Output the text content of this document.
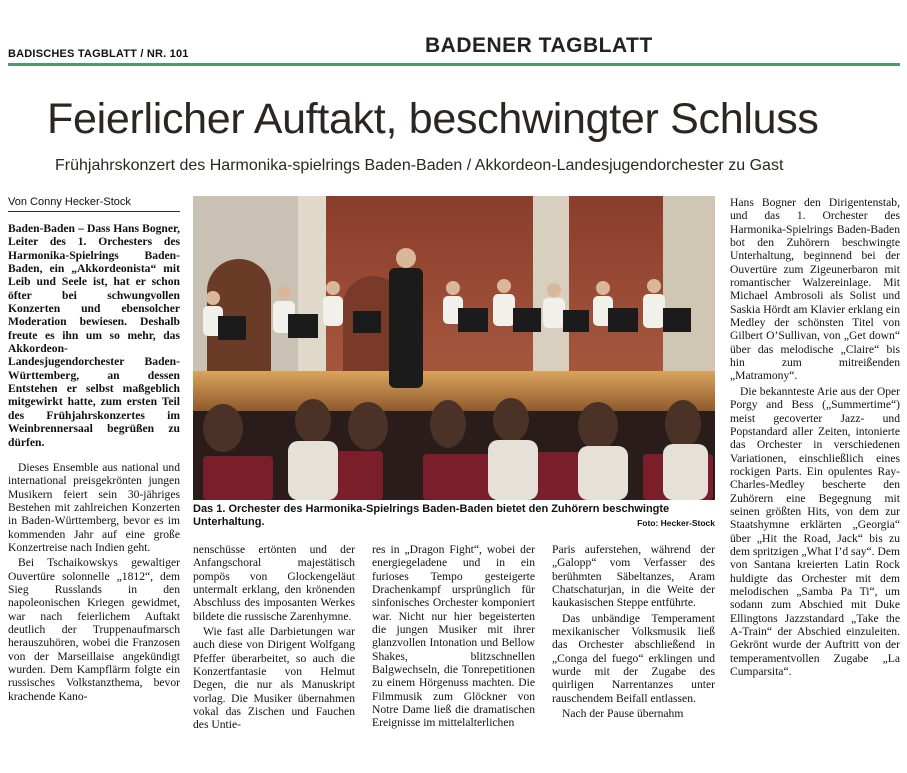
BADISCHES TAGBLATT / NR. 101	BADENER TAGBLATT
Feierlicher Auftakt, beschwingter Schluss
Frühjahrskonzert des Harmonika-spielrings Baden-Baden / Akkordeon-Landesjugendorchester zu Gast
Von Conny Hecker-Stock

Baden-Baden – Dass Hans Bogner, Leiter des 1. Orchesters des Harmonika-Spielrings Baden-Baden, ein „Akkordeonista“ mit Leib und Seele ist, hat er schon öfter bei schwungvollen Konzerten und ebensolcher Moderation bewiesen. Deshalb freute es ihn um so mehr, das Akkordeon-Landesjugendorchester Baden-Württemberg, an dessen Entstehen er selbst maßgeblich mitgewirkt hatte, zum ersten Teil des Frühjahrskonzertes im Weinbrennersaal begrüßen zu dürfen.

Dieses Ensemble aus national und international preisgekrönten jungen Musikern feiert sein 30-jähriges Bestehen mit zahlreichen Konzerten in Baden-Württemberg, bevor es im kommenden Jahr auf eine große Konzertreise nach Indien geht.

Bei Tschaikowskys gewaltiger Ouvertüre solonnelle „1812“, dem Sieg Russlands in den napoleonischen Kriegen gewidmet, war nach feierlichem Auftakt deutlich der Truppenaufmarsch herauszuhören, wobei die Franzosen von der Marseillaise angekündigt wurden. Dem Kampflärm folgte ein russisches Volkstanzthema, bevor krachende Kano-

Das 1. Orchester des Harmonika-Spielrings Baden-Baden bietet den Zuhörern beschwingte Unterhaltung.	Foto: Hecker-Stock

nenschüsse ertönten und der Anfangschoral majestätisch pompös von Glockengeläut untermalt erklang, den krönenden Abschluss des imposanten Werkes bildete die russische Zarenhymne.

Wie fast alle Darbietungen war auch diese von Dirigent Wolfgang Pfeffer überarbeitet, so auch die Konzertfantasie von Helmut Degen, die nur als Manuskript vorlag. Die Musiker übernahmen vokal das Zischen und Fauchen des Untie-

res in „Dragon Fight“, wobei der energiegeladene und in ein furioses Tempo gesteigerte Drachenkampf ursprünglich für sinfonisches Orchester komponiert war. Nicht nur hier begeisterten die jungen Musiker mit ihrer glanzvollen Intonation und Bellow Shakes, blitzschnellen Balgwechseln, die Tonrepetitionen zu einem Hörgenuss machten. Die Filmmusik zum Glöckner von Notre Dame ließ die dramatischen Ereignisse im mittelalterlichen

Paris auferstehen, während der „Galopp“ vom Verfasser des berühmten Säbeltanzes, Aram Chatschaturjan, in die Weite der kaukasischen Steppe entführte.

Das unbändige Temperament mexikanischer Volksmusik ließ das Orchester abschließend in „Conga del fuego“ erklingen und wurde mit der Zugabe des quirligen Narrentanzes unter rauschendem Beifall entlassen.

Nach der Pause übernahm

Hans Bogner den Dirigentenstab, und das 1. Orchester des Harmonika-Spielrings Baden-Baden bot den Zuhörern beschwingte Unterhaltung, beginnend bei der Ouvertüre zum Zigeunerbaron mit romantischer Walzereinlage. Mit Michael Ambrosoli als Solist und Saskia Hördt am Klavier erklang ein Medley der schönsten Titel von Gilbert O’Sullivan, von „Get down“ über das melodische „Claire“ bis hin zum mitreißenden „Matramony“.

Die bekannteste Arie aus der Oper Porgy and Bess („Summertime“) meist gecoverter Jazz- und Popstandard aller Zeiten, intonierte das Orchester in verschiedenen Variationen, einschließlich eines rockigen Parts. Ein opulentes Ray-Charles-Medley bescherte den Zuhörern eine Begegnung mit seinen größten Hits, von dem zur Staatshymne erklärten „Georgia“ über „Hit the Road, Jack“ bis zu dem spritzigen „What I’d say“. Dem von Santana kreierten Latin Rock huldigte das Orchester mit dem melodischen „Samba Pa Ti“, um sodann zum Abschied mit Duke Ellingtons Jazzstandard „Take the A-Train“ der Abschied einzuleiten. Gekrönt wurde der Auftritt von der temperamentvollen Zugabe „La Cumparsita“.
